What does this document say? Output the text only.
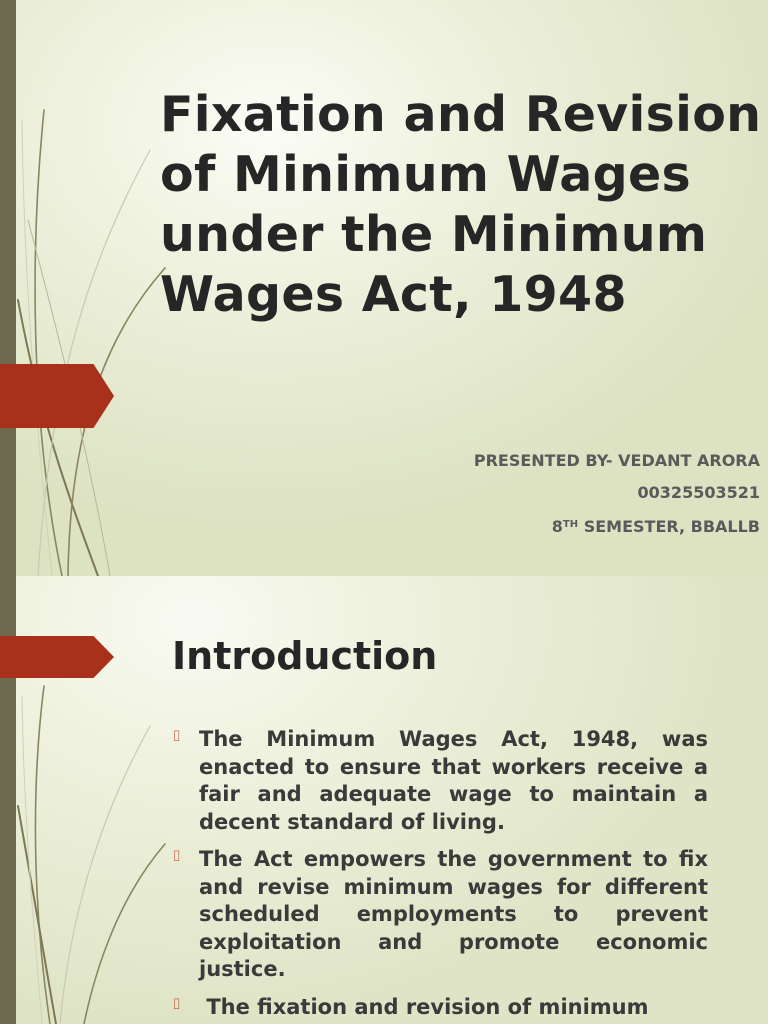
Fixation and Revision of Minimum Wages under the Minimum Wages Act, 1948

PRESENTED BY- VEDANT ARORA

00325503521

8TH SEMESTER, BBALLB

Introduction
⌷ The Minimum Wages Act, 1948, was enacted to ensure that workers receive a fair and adequate wage to maintain a decent standard of living.
⌷ The Act empowers the government to fix and revise minimum wages for different scheduled employments to prevent exploitation and promote economic justice.
⌷ The fixation and revision of minimum
